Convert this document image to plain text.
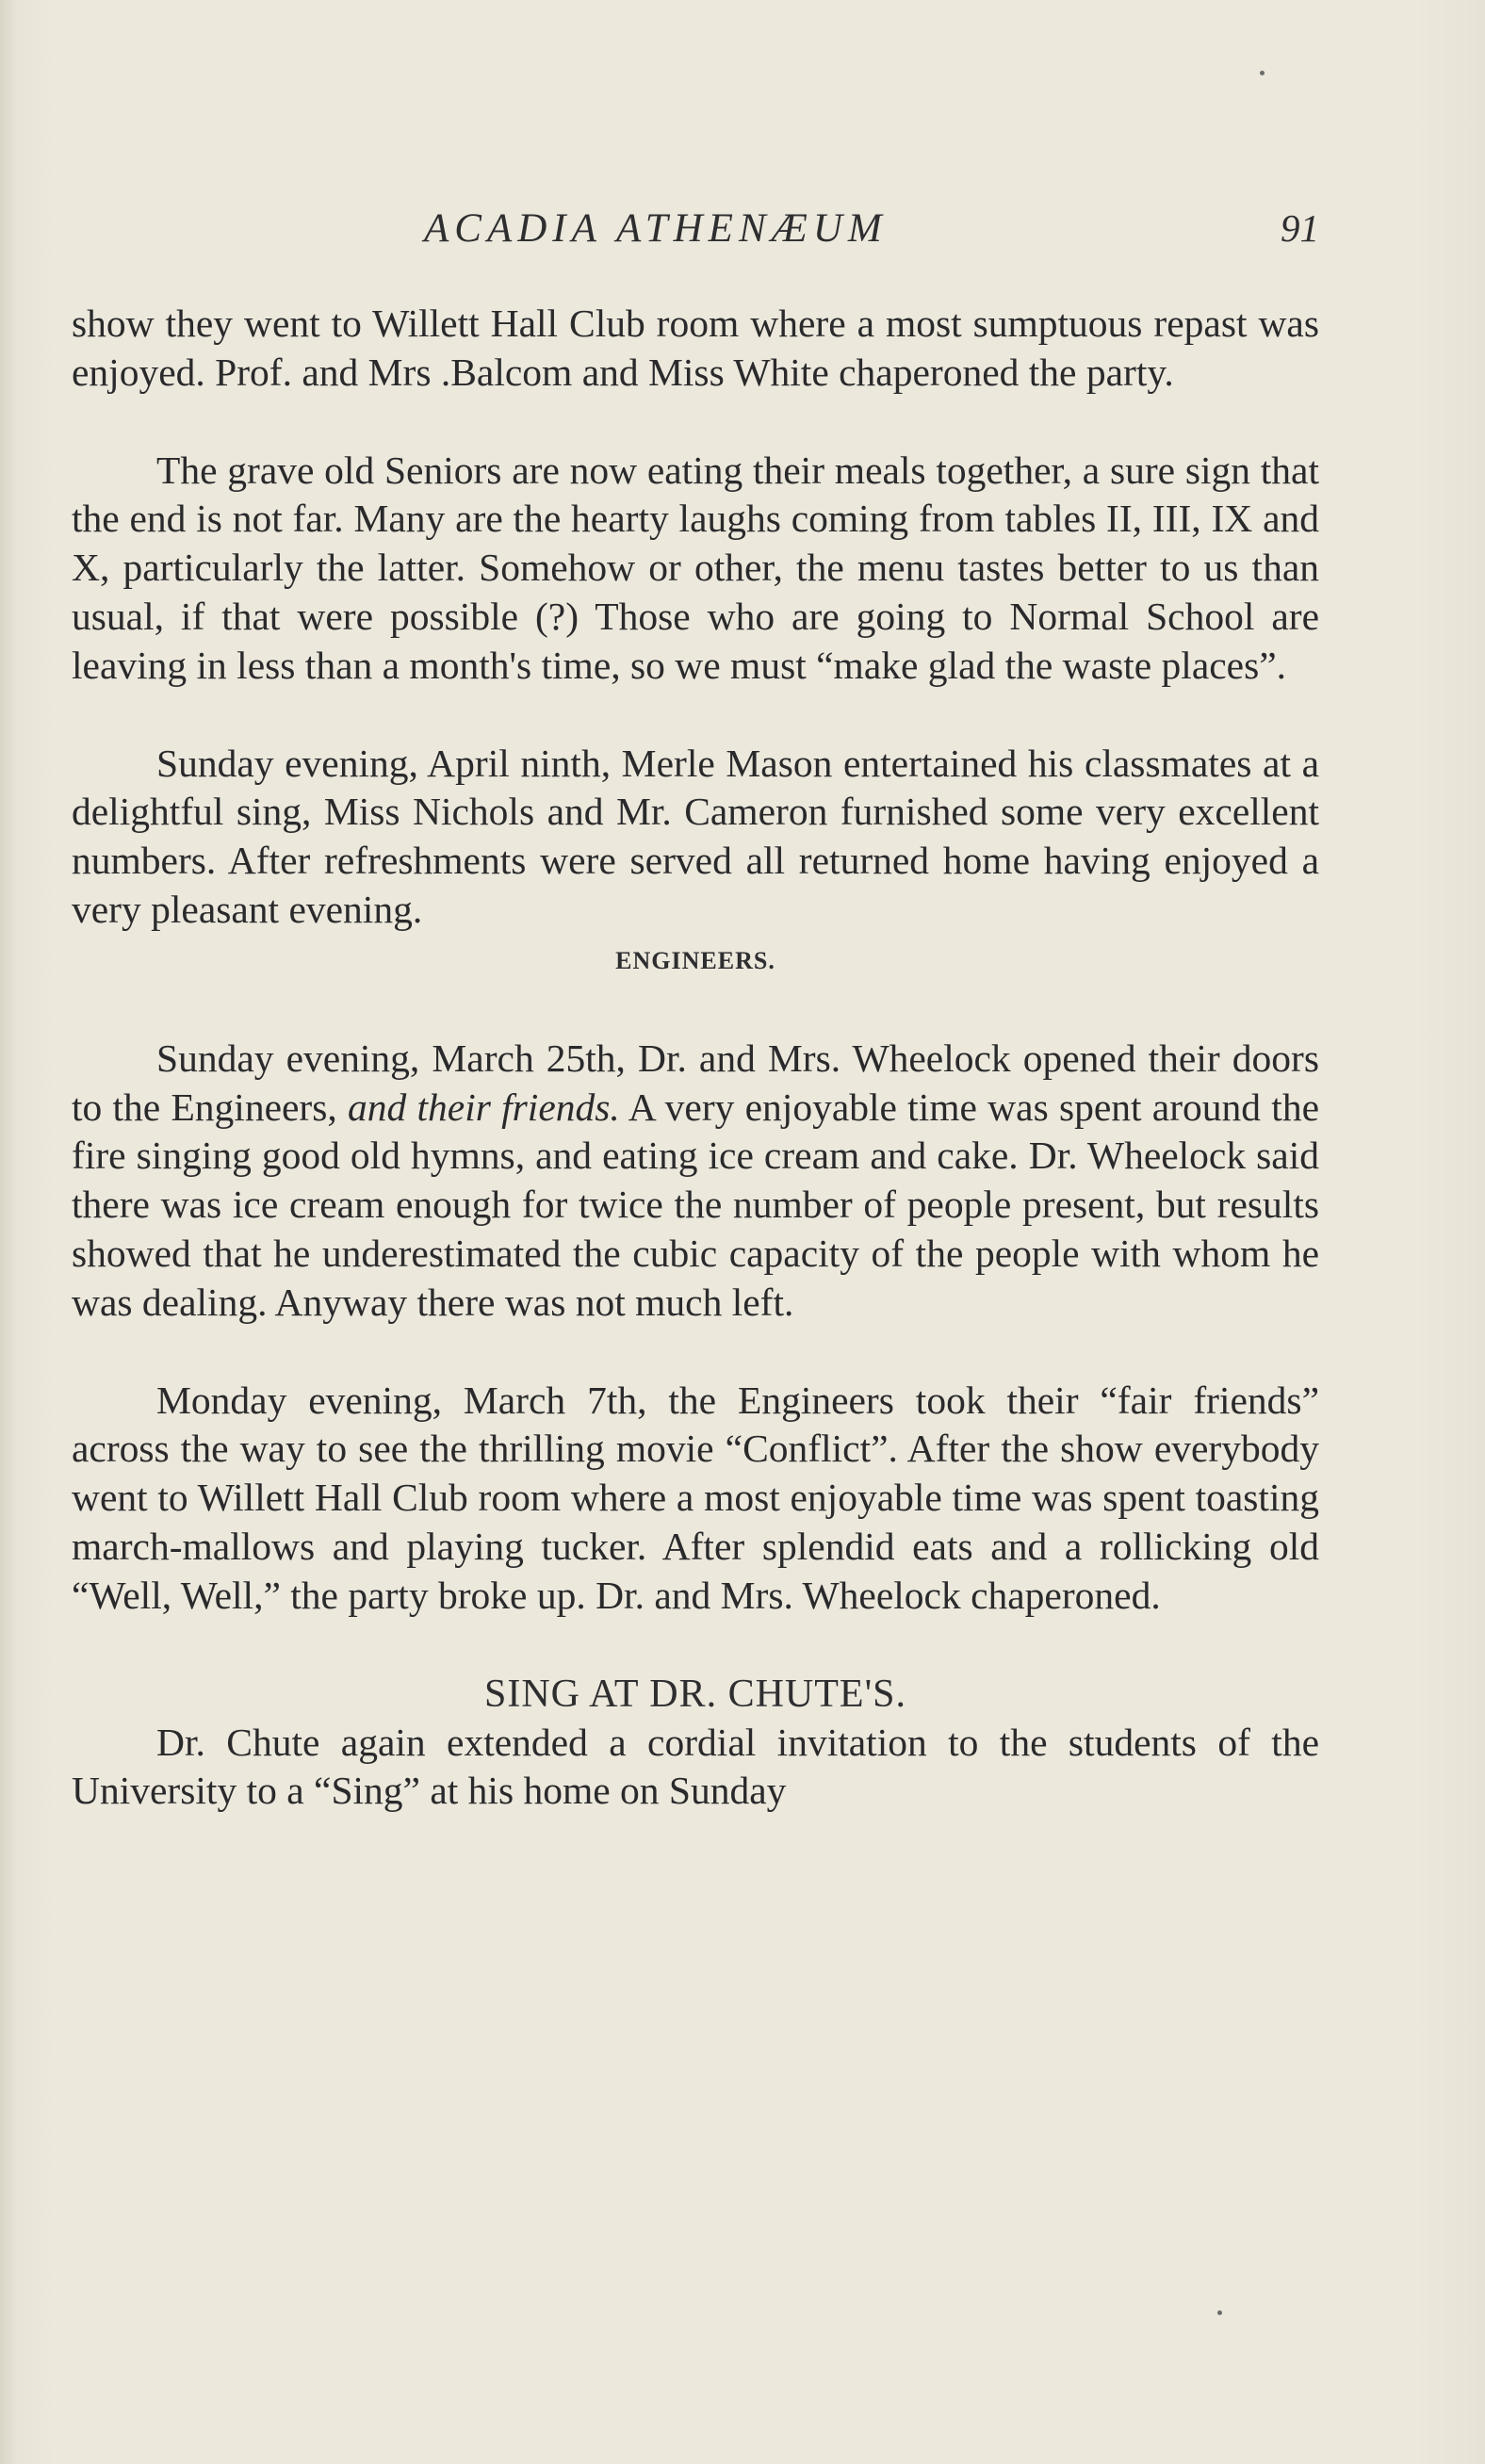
ACADIA ATHENÆUM	91

show they went to Willett Hall Club room where a most sumptuous repast was enjoyed. Prof. and Mrs .Balcom and Miss White chaperoned the party.

The grave old Seniors are now eating their meals together, a sure sign that the end is not far. Many are the hearty laughs coming from tables II, III, IX and X, particularly the latter. Somehow or other, the menu tastes better to us than usual, if that were possible (?) Those who are going to Normal School are leaving in less than a month's time, so we must “make glad the waste places”.

Sunday evening, April ninth, Merle Mason entertained his classmates at a delightful sing, Miss Nichols and Mr. Cameron furnished some very excellent numbers. After refreshments were served all returned home having enjoyed a very pleasant evening.

ENGINEERS.

Sunday evening, March 25th, Dr. and Mrs. Wheelock opened their doors to the Engineers, and their friends. A very enjoyable time was spent around the fire singing good old hymns, and eating ice cream and cake. Dr. Wheelock said there was ice cream enough for twice the number of people present, but results showed that he underestimated the cubic capacity of the people with whom he was dealing. Anyway there was not much left.

Monday evening, March 7th, the Engineers took their “fair friends” across the way to see the thrilling movie “Conflict”. After the show everybody went to Willett Hall Club room where a most enjoyable time was spent toasting march-mallows and playing tucker. After splendid eats and a rollicking old “Well, Well,” the party broke up. Dr. and Mrs. Wheelock chaperoned.

SING AT DR. CHUTE'S.

Dr. Chute again extended a cordial invitation to the students of the University to a “Sing” at his home on Sunday
